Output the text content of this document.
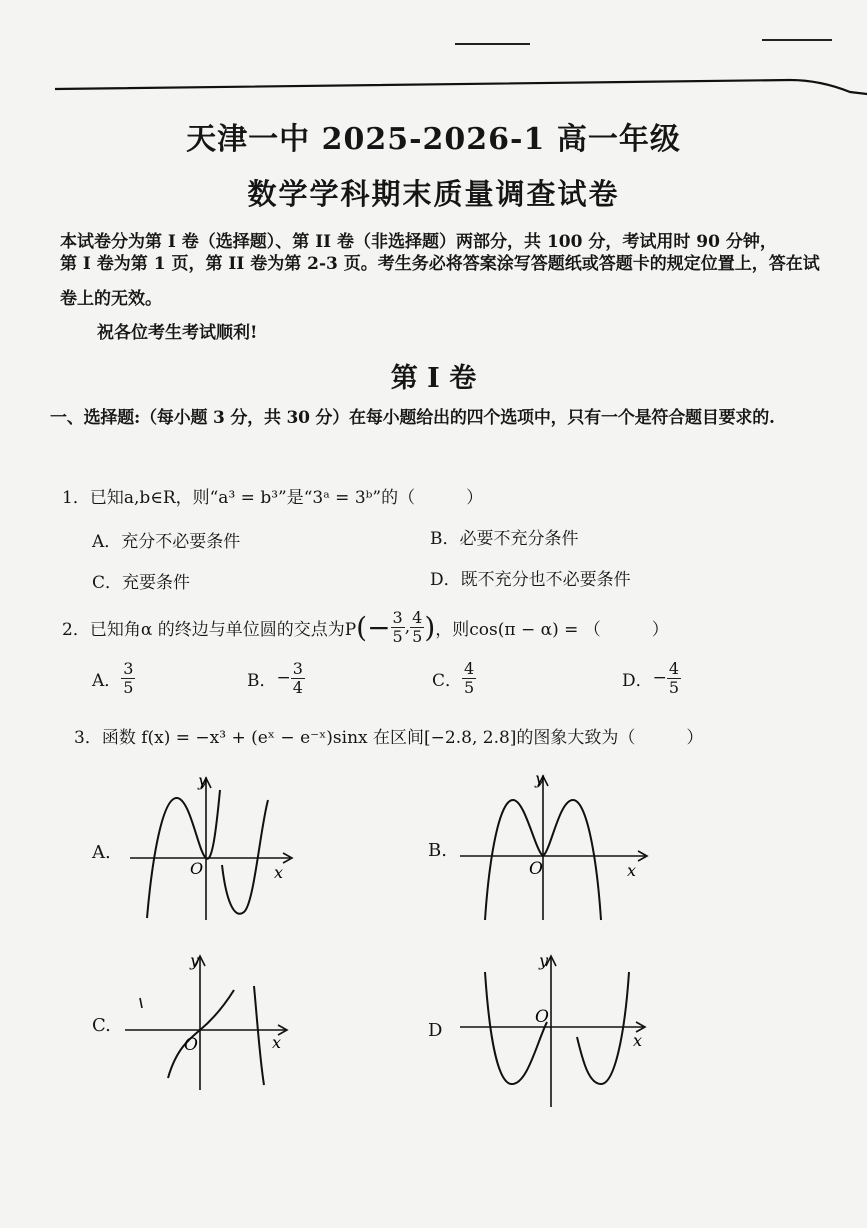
天津一中 2025-2026-1 高一年级
数学学科期末质量调查试卷
本试卷分为第 I 卷（选择题）、第 II 卷（非选择题）两部分，共 100 分，考试用时 90 分钟，
第 I 卷为第 1 页，第 II 卷为第 2-3 页。考生务必将答案涂写答题纸或答题卡的规定位置上，答在试
卷上的无效。
祝各位考生考试顺利!
第 I 卷
一、选择题:（每小题 3 分，共 30 分）在每小题给出的四个选项中，只有一个是符合题目要求的.
1．已知a,b∈R，则“a³ = b³”是“3ᵃ = 3ᵇ”的（　　　）
A．充分不必要条件	B．必要不充分条件
C．充要条件	D．既不充分也不必要条件
2．已知角α 的终边与单位圆的交点为P (− $\frac{3}{5}$ , $\frac{4}{5}$ ) ，则cos(π − α) = （　　　）
A． $\frac{3}{5}$	B． − $\frac{3}{4}$	C． $\frac{4}{5}$	D． − $\frac{4}{5}$
3．函数 f(x) = −x³ + (eˣ − e⁻ˣ)sinx 在区间[−2.8, 2.8]的图象大致为（　　　）
A.
x
y
O
B.
x
y
O
C.
x
y
O
D	x
y
O
